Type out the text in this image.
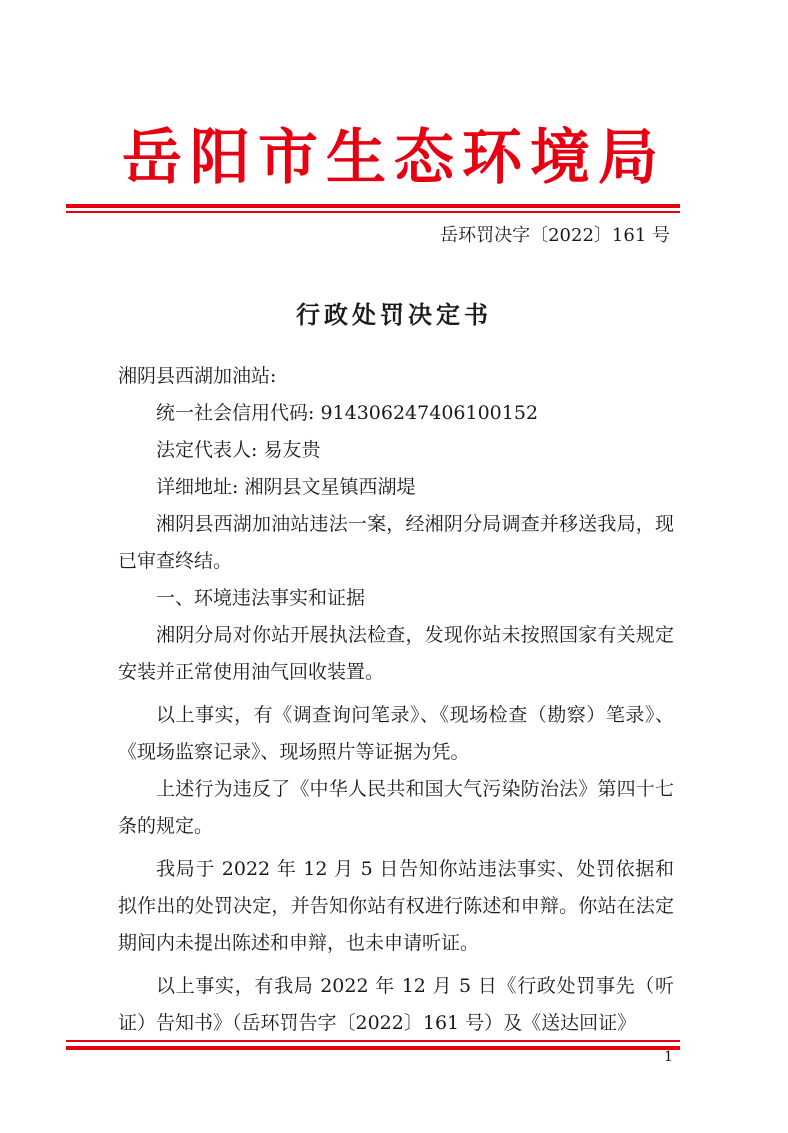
岳阳市生态环境局
岳环罚决字〔2022〕161 号
行政处罚决定书

湘阴县西湖加油站:

统一社会信用代码: 914306247406100152

法定代表人: 易友贵

详细地址: 湘阴县文星镇西湖堤

湘阴县西湖加油站违法一案，经湘阴分局调查并移送我局，现已审查终结。

一、环境违法事实和证据

湘阴分局对你站开展执法检查，发现你站未按照国家有关规定安装并正常使用油气回收装置。

以上事实，有《调查询问笔录》、《现场检查（勘察）笔录》、《现场监察记录》、现场照片等证据为凭。

上述行为违反了《中华人民共和国大气污染防治法》第四十七条的规定。

我局于 2022 年 12 月 5 日告知你站违法事实、处罚依据和拟作出的处罚决定，并告知你站有权进行陈述和申辩。你站在法定期间内未提出陈述和申辩，也未申请听证。

以上事实，有我局 2022 年 12 月 5 日《行政处罚事先（听证）告知书》（岳环罚告字〔2022〕161 号）及《送达回证》

1
